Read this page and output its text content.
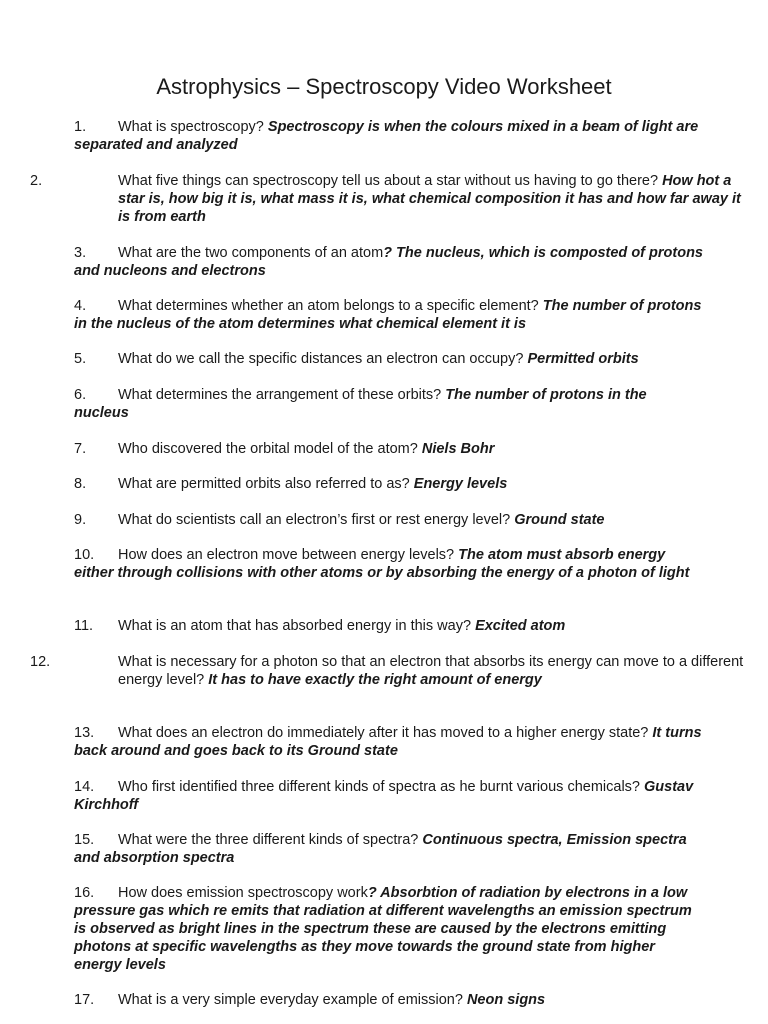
Astrophysics – Spectroscopy Video Worksheet

1. What is spectroscopy? Spectroscopy is when the colours mixed in a beam of light are separated and analyzed

2.	What five things can spectroscopy tell us about a star without us having to go there? How hot a star is, how big it is, what mass it is, what chemical composition it has and how far away it is from earth

3. What are the two components of an atom? The nucleus, which is composted of protons and nucleons and electrons

4. What determines whether an atom belongs to a specific element? The number of protons in the nucleus of the atom determines what chemical element it is

5. What do we call the specific distances an electron can occupy? Permitted orbits

6. What determines the arrangement of these orbits? The number of protons in the nucleus

7. Who discovered the orbital model of the atom? Niels Bohr

8. What are permitted orbits also referred to as? Energy levels

9. What do scientists call an electron’s first or rest energy level? Ground state

10. How does an electron move between energy levels? The atom must absorb energy either through collisions with other atoms or by absorbing the energy of a photon of light

11. What is an atom that has absorbed energy in this way? Excited atom

12.	What is necessary for a photon so that an electron that absorbs its energy can move to a different energy level? It has to have exactly the right amount of energy

13. What does an electron do immediately after it has moved to a higher energy state? It turns back around and goes back to its Ground state

14. Who first identified three different kinds of spectra as he burnt various chemicals? Gustav Kirchhoff

15. What were the three different kinds of spectra? Continuous spectra, Emission spectra and absorption spectra

16. How does emission spectroscopy work? Absorbtion of radiation by electrons in a low pressure gas which re emits that radiation at different wavelengths an emission spectrum is observed as bright lines in the spectrum these are caused by the electrons emitting photons at specific wavelengths as they move towards the ground state from higher energy levels

17. What is a very simple everyday example of emission? Neon signs
